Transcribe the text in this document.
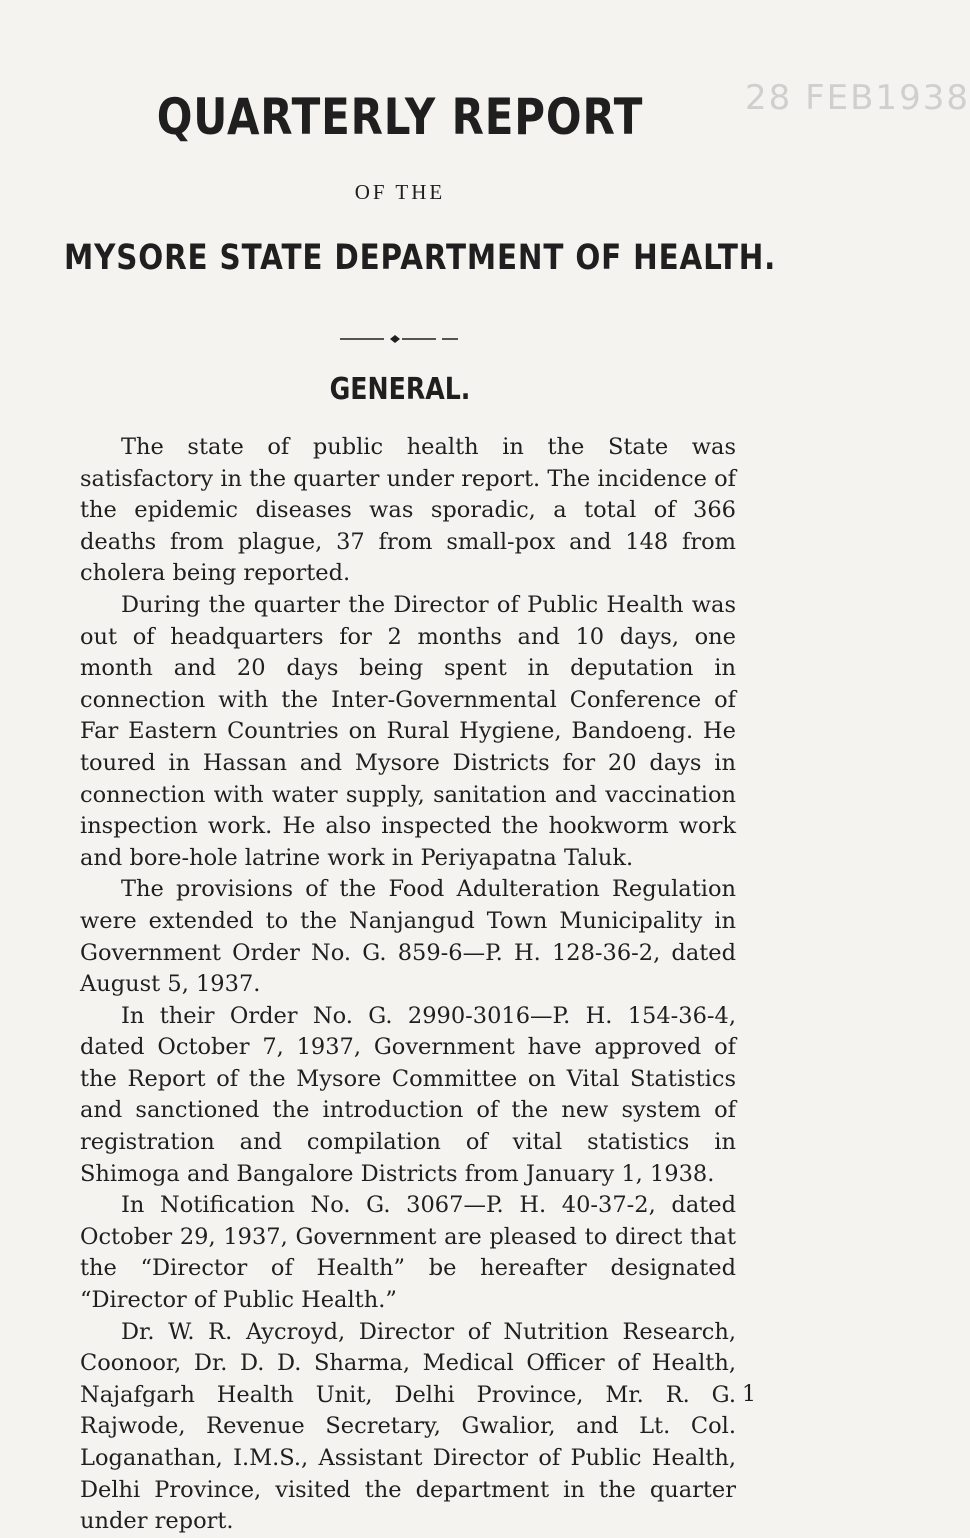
28 FEB1938
QUARTERLY REPORT
OF THE
MYSORE STATE DEPARTMENT OF HEALTH.
GENERAL.

The state of public health in the State was satisfactory in the quarter under report. The incidence of the epidemic diseases was sporadic, a total of 366 deaths from plague, 37 from small-pox and 148 from cholera being reported.

During the quarter the Director of Public Health was out of headquarters for 2 months and 10 days, one month and 20 days being spent in deputation in connection with the Inter-Governmental Conference of Far Eastern Countries on Rural Hygiene, Bandoeng. He toured in Hassan and Mysore Districts for 20 days in connection with water supply, sanitation and vaccination inspection work. He also inspected the hookworm work and bore-hole latrine work in Periyapatna Taluk.

The provisions of the Food Adulteration Regulation were extended to the Nanjangud Town Municipality in Government Order No. G. 859-6—P. H. 128-36-2, dated August 5, 1937.

In their Order No. G. 2990-3016—P. H. 154-36-4, dated October 7, 1937, Government have approved of the Report of the Mysore Committee on Vital Statistics and sanctioned the introduction of the new system of registration and compilation of vital statistics in Shimoga and Bangalore Districts from January 1, 1938.

In Notification No. G. 3067—P. H. 40-37-2, dated October 29, 1937, Government are pleased to direct that the “Director of Health” be hereafter designated “Director of Public Health.”

Dr. W. R. Aycroyd, Director of Nutrition Research, Coonoor, Dr. D. D. Sharma, Medical Officer of Health, Najafgarh Health Unit, Delhi Province, Mr. R. G. Rajwode, Revenue Secretary, Gwalior, and Lt. Col. Loganathan, I.M.S., Assistant Director of Public Health, Delhi Province, visited the department in the quarter under report.

1
